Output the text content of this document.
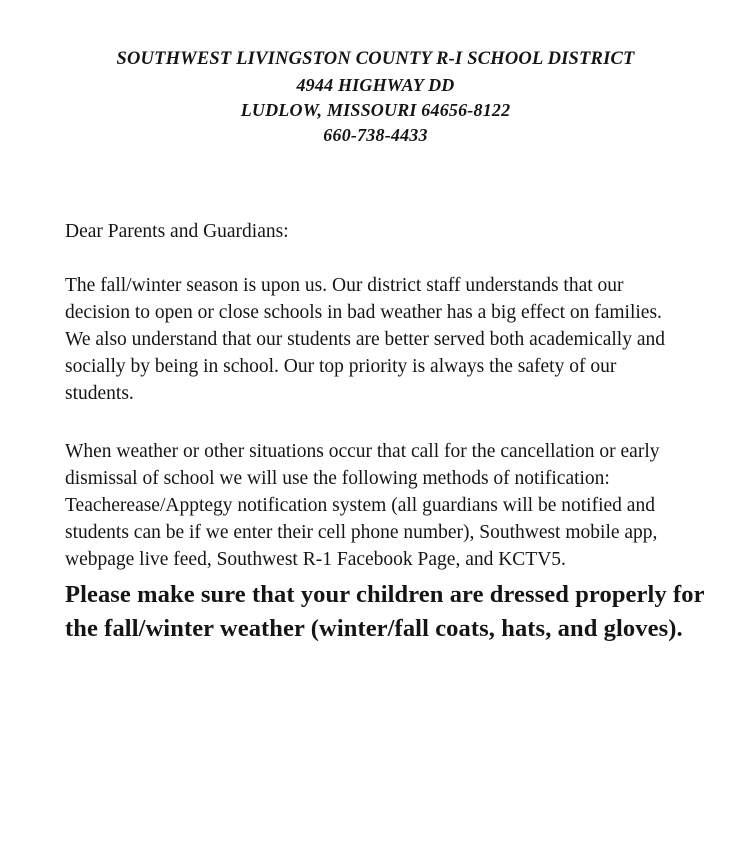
SOUTHWEST LIVINGSTON COUNTY R-I SCHOOL DISTRICT
4944 HIGHWAY DD
LUDLOW, MISSOURI 64656-8122
660-738-4433
Dear Parents and Guardians:
The fall/winter season is upon us. Our district staff understands that our decision to open or close schools in bad weather has a big effect on families. We also understand that our students are better served both academically and socially by being in school. Our top priority is always the safety of our students.
When weather or other situations occur that call for the cancellation or early dismissal of school we will use the following methods of notification: Teacherease/Apptegy notification system (all guardians will be notified and students can be if we enter their cell phone number), Southwest mobile app, webpage live feed, Southwest R-1 Facebook Page, and KCTV5.
Please make sure that your children are dressed properly for the fall/winter weather (winter/fall coats, hats, and gloves).
